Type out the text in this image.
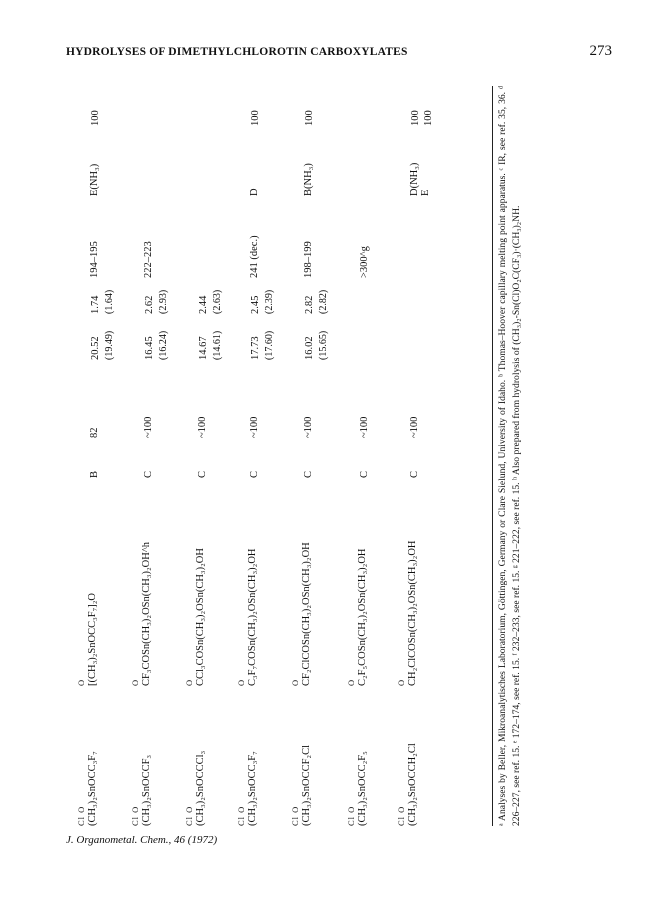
HYDROLYSES OF DIMETHYLCHLOROTIN CARBOXYLATES	273
Cl O (CH₃)₂SnOCC₃F₇
O [(CH₃)₂SnOCC₃F₇]₂O
B
82
20.52 (19.49)
1.74 (1.64)
194–195
E(NH₃)
100
Cl O (CH₃)₂SnOCCF₃
O CF₃COSn(CH₃)₂OSn(CH₃)₂OH^h
C
~100
16.45 (16.24)
2.62 (2.93)
222–223
Cl O (CH₃)₂SnOCCCl₃
O CCl₃COSn(CH₃)₂OSn(CH₃)₂OH
C
~100
14.67 (14.61)
2.44 (2.63)
Cl O (CH₃)₂SnOCC₃F₇
O C₃F₇COSn(CH₃)₂OSn(CH₃)₂OH
C
~100
17.73 (17.60)
2.45 (2.39)
241 (dec.)
D
100
Cl O (CH₃)₂SnOCCF₂Cl
O CF₂ClCOSn(CH₃)₂OSn(CH₃)₂OH
C
~100
16.02 (15.65)
2.82 (2.82)
198–199
B(NH₃)
100
Cl O (CH₃)₂SnOCC₂F₅
O C₂F₅COSn(CH₃)₂OSn(CH₃)₂OH
C
~100
>300^g
Cl O (CH₃)₂SnOCCH₂Cl
O CH₂ClCOSn(CH₃)₂OSn(CH₃)₂OH
C
~100
D(NH₃)
E
100
100	ᵃ Analyses by Beller, Mikroanalytisches Laboratorium, Göttingen, Germany or Clare Sielund, University of Idaho. ᵇ Thomas–Hoover capillary melting point apparatus. ᶜ IR, see ref. 35, 36. ᵈ 226–227, see ref. 15. ᵉ 172–174, see ref. 15. ᶠ 232–233, see ref. 15. ᵍ 221–222, see ref. 15. ʰ Also prepared from hydrolysis of (CH₃)₂-Sn(Cl)O₂C(CF₃)·(CH₃)₂NH.
J. Organometal. Chem., 46 (1972)
